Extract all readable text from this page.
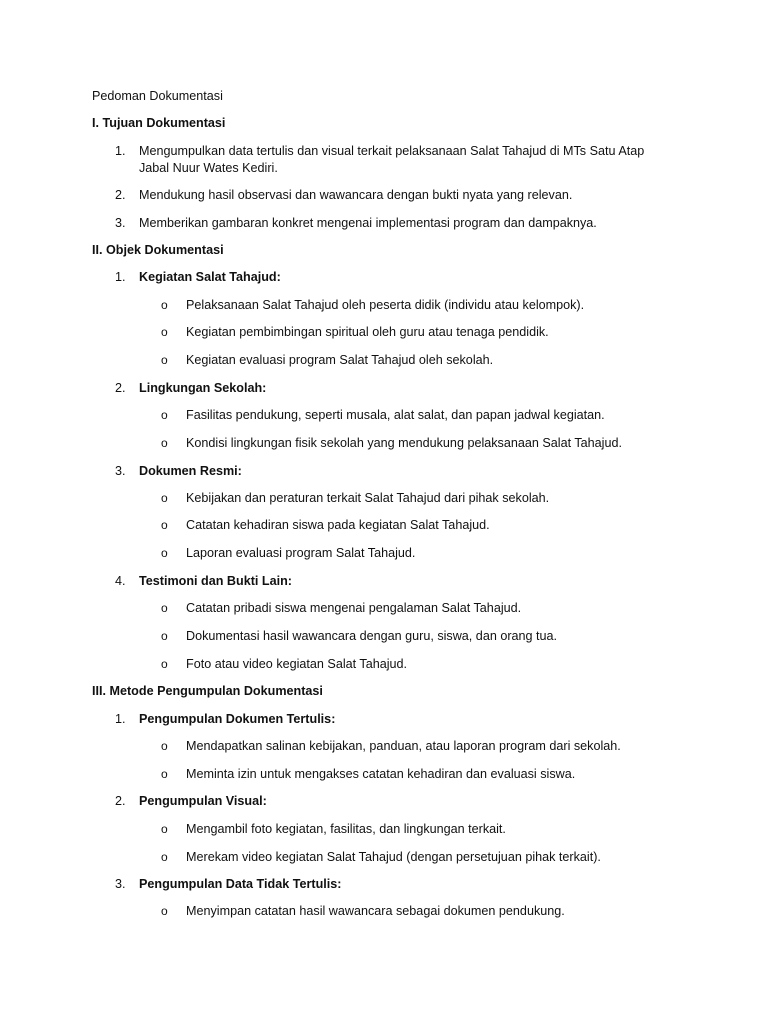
Pedoman Dokumentasi
I. Tujuan Dokumentasi
1.	Mengumpulkan data tertulis dan visual terkait pelaksanaan Salat Tahajud di MTs Satu Atap
Jabal Nuur Wates Kediri.
2.	Mendukung hasil observasi dan wawancara dengan bukti nyata yang relevan.
3.	Memberikan gambaran konkret mengenai implementasi program dan dampaknya.
II. Objek Dokumentasi
1.	Kegiatan Salat Tahajud:
o	Pelaksanaan Salat Tahajud oleh peserta didik (individu atau kelompok).
o	Kegiatan pembimbingan spiritual oleh guru atau tenaga pendidik.
o	Kegiatan evaluasi program Salat Tahajud oleh sekolah.
2.	Lingkungan Sekolah:
o	Fasilitas pendukung, seperti musala, alat salat, dan papan jadwal kegiatan.
o	Kondisi lingkungan fisik sekolah yang mendukung pelaksanaan Salat Tahajud.
3.	Dokumen Resmi:
o	Kebijakan dan peraturan terkait Salat Tahajud dari pihak sekolah.
o	Catatan kehadiran siswa pada kegiatan Salat Tahajud.
o	Laporan evaluasi program Salat Tahajud.
4.	Testimoni dan Bukti Lain:
o	Catatan pribadi siswa mengenai pengalaman Salat Tahajud.
o	Dokumentasi hasil wawancara dengan guru, siswa, dan orang tua.
o	Foto atau video kegiatan Salat Tahajud.
III. Metode Pengumpulan Dokumentasi
1.	Pengumpulan Dokumen Tertulis:
o	Mendapatkan salinan kebijakan, panduan, atau laporan program dari sekolah.
o	Meminta izin untuk mengakses catatan kehadiran dan evaluasi siswa.
2.	Pengumpulan Visual:
o	Mengambil foto kegiatan, fasilitas, dan lingkungan terkait.
o	Merekam video kegiatan Salat Tahajud (dengan persetujuan pihak terkait).
3.	Pengumpulan Data Tidak Tertulis:
o	Menyimpan catatan hasil wawancara sebagai dokumen pendukung.
